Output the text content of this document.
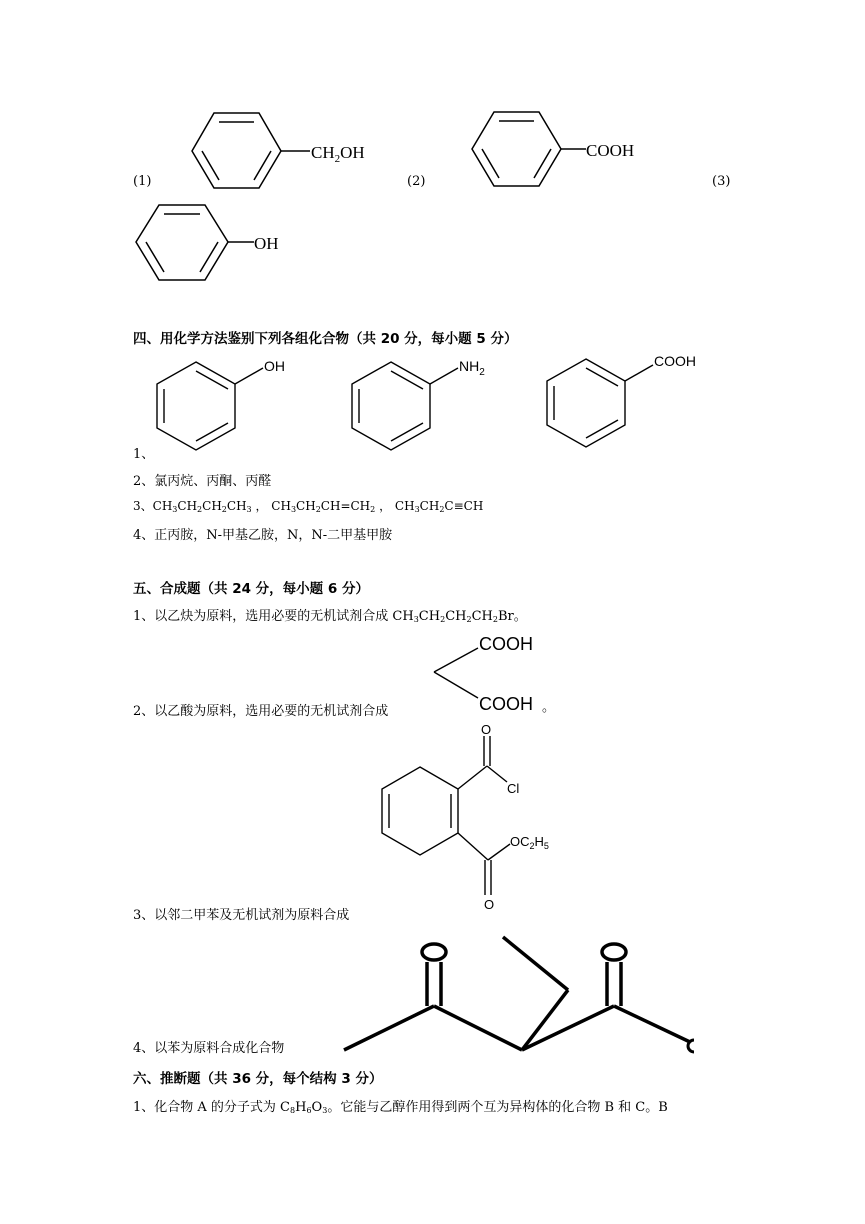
(1)	(2)	(3)
$CH_2OH$	COOH
OH
四、用化学方法鉴别下列各组化合物（共 20 分，每小题 5 分）
OH	$NH_2$
COOH
1、
2、氯丙烷、丙酮、丙醛
3、$CH_3CH_2CH_2CH_3$ ， $CH_3CH_2CH=CH_2$ ， $CH_3CH_2C\equiv CH$
4、正丙胺，N-甲基乙胺，N，N-二甲基甲胺
五、合成题（共 24 分，每小题 6 分）
1、以乙炔为原料，选用必要的无机试剂合成 $CH_3CH_2CH_2CH_2Br$。
2、以乙酸为原料，选用必要的无机试剂合成
COOH
COOH 。
O
Cl
$OC_2H_5$
O
3、以邻二甲苯及无机试剂为原料合成
4、以苯为原料合成化合物
六、推断题（共 36 分，每个结构 3 分）
1、化合物 A 的分子式为 $C_8H_6O_3$。它能与乙醇作用得到两个互为异构体的化合物 B 和 C。B
